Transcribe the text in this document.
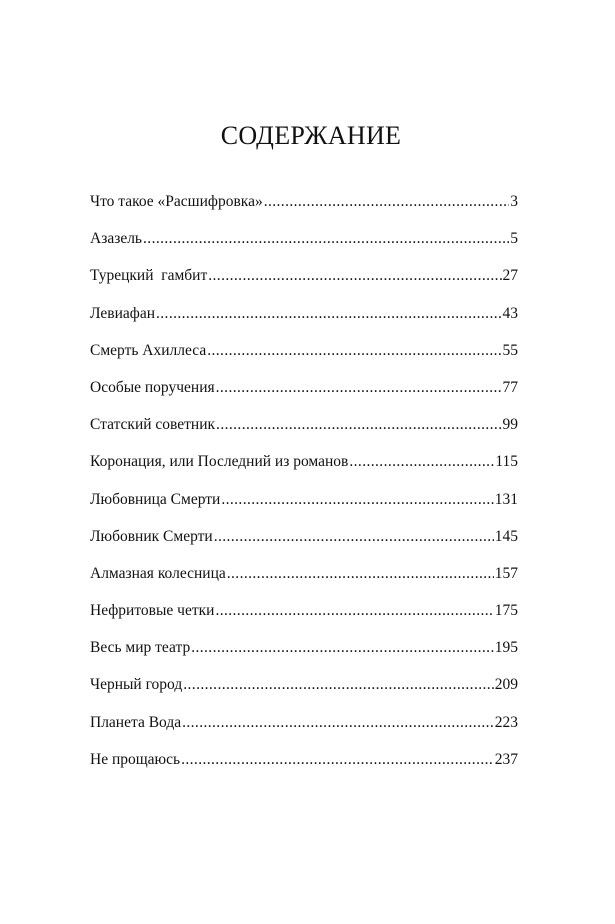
СОДЕРЖАНИЕ
Что такое «Расшифровка» .....	3
Азазель .....	5
Турецкий  гамбит .....	27
Левиафан .....	43
Смерть Ахиллеса .....	55
Особые поручения .....	77
Статский советник .....	99
Коронация, или Последний из романов .....	115
Любовница Смерти .....	131
Любовник Смерти .....	145
Алмазная колесница .....	157
Нефритовые четки .....	175
Весь мир театр .....	195
Черный город .....	209
Планета Вода .....	223
Не прощаюсь .....	237
